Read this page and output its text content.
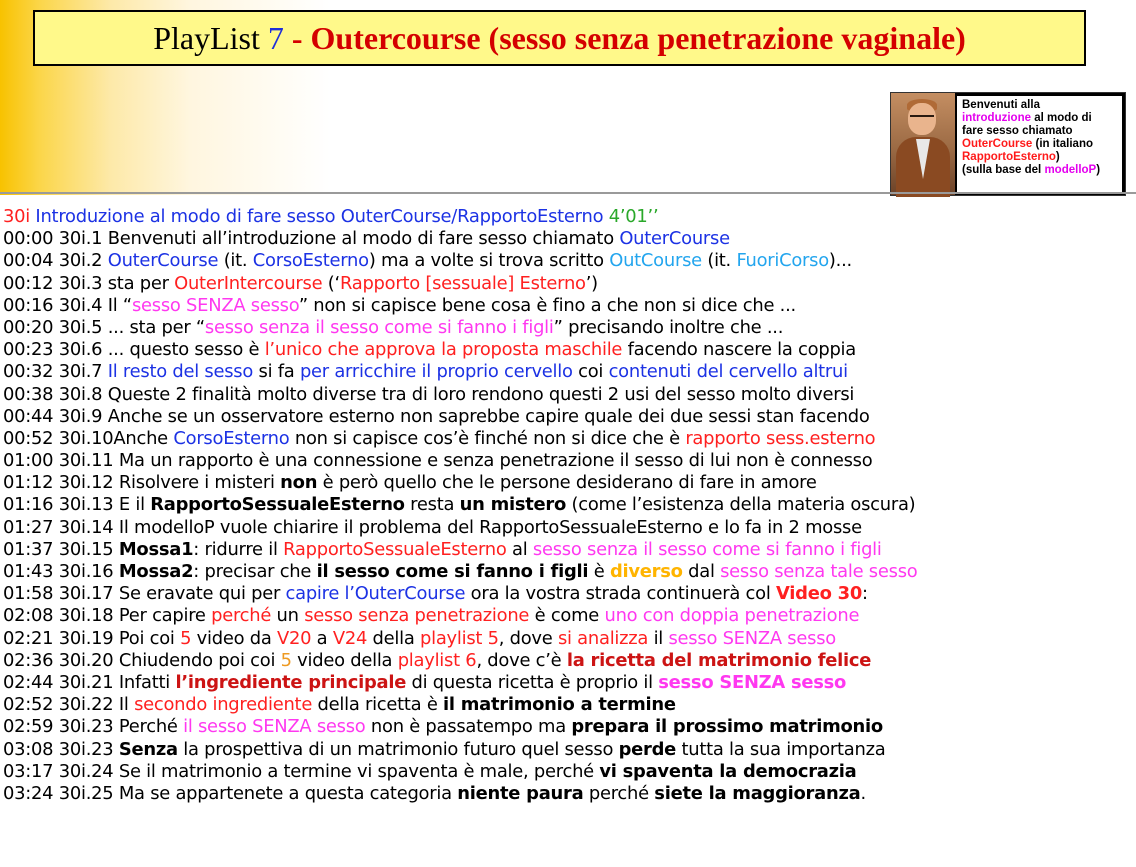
PlayList
7
- Outercourse (sesso senza penetrazione vaginale)
Benvenuti alla
introduzione al modo di
fare sesso chiamato
OuterCourse (in italiano
RapportoEsterno)
(sulla base del modelloP)
30i Introduzione al modo di fare sesso OuterCourse/RapportoEsterno 4’01’’
00:00 30i.1 Benvenuti all’introduzione al modo di fare sesso chiamato OuterCourse
00:04 30i.2 OuterCourse (it. CorsoEsterno) ma a volte si trova scritto OutCourse (it. FuoriCorso)...
00:12 30i.3 sta per OuterIntercourse (‘Rapporto [sessuale] Esterno’)
00:16 30i.4 Il “sesso SENZA sesso” non si capisce bene cosa è fino a che non si dice che ...
00:20 30i.5 ... sta per “sesso senza il sesso come si fanno i figli” precisando inoltre che ...
00:23 30i.6 ... questo sesso è l’unico che approva la proposta maschile facendo nascere la coppia
00:32 30i.7 Il resto del sesso si fa per arricchire il proprio cervello coi contenuti del cervello altrui
00:38 30i.8 Queste 2 finalità molto diverse tra di loro rendono questi 2 usi del sesso molto diversi
00:44 30i.9 Anche se un osservatore esterno non saprebbe capire quale dei due sessi stan facendo
00:52 30i.10Anche CorsoEsterno non si capisce cos’è finché non si dice che è rapporto sess.esterno
01:00 30i.11 Ma un rapporto è una connessione e senza penetrazione il sesso di lui non è connesso
01:12 30i.12 Risolvere i misteri non è però quello che le persone desiderano di fare in amore
01:16 30i.13 E il RapportoSessualeEsterno resta un mistero (come l’esistenza della materia oscura)
01:27 30i.14 Il modelloP vuole chiarire il problema del RapportoSessualeEsterno e lo fa in 2 mosse
01:37 30i.15 Mossa1: ridurre il RapportoSessualeEsterno al sesso senza il sesso come si fanno i figli
01:43 30i.16 Mossa2: precisar che il sesso come si fanno i figli è diverso dal sesso senza tale sesso
01:58 30i.17 Se eravate qui per capire l’OuterCourse ora la vostra strada continuerà col Video 30:
02:08 30i.18 Per capire perché un sesso senza penetrazione è come uno con doppia penetrazione
02:21 30i.19 Poi coi 5 video da V20 a V24 della playlist 5, dove si analizza il sesso SENZA sesso
02:36 30i.20 Chiudendo poi coi 5 video della playlist 6, dove c’è la ricetta del matrimonio felice
02:44 30i.21 Infatti l’ingrediente principale di questa ricetta è proprio il sesso SENZA sesso
02:52 30i.22 Il secondo ingrediente della ricetta è il matrimonio a termine
02:59 30i.23 Perché il sesso SENZA sesso non è passatempo ma prepara il prossimo matrimonio
03:08 30i.23 Senza la prospettiva di un matrimonio futuro quel sesso perde tutta la sua importanza
03:17 30i.24 Se il matrimonio a termine vi spaventa è male, perché vi spaventa la democrazia
03:24 30i.25 Ma se appartenete a questa categoria niente paura perché siete la maggioranza.
